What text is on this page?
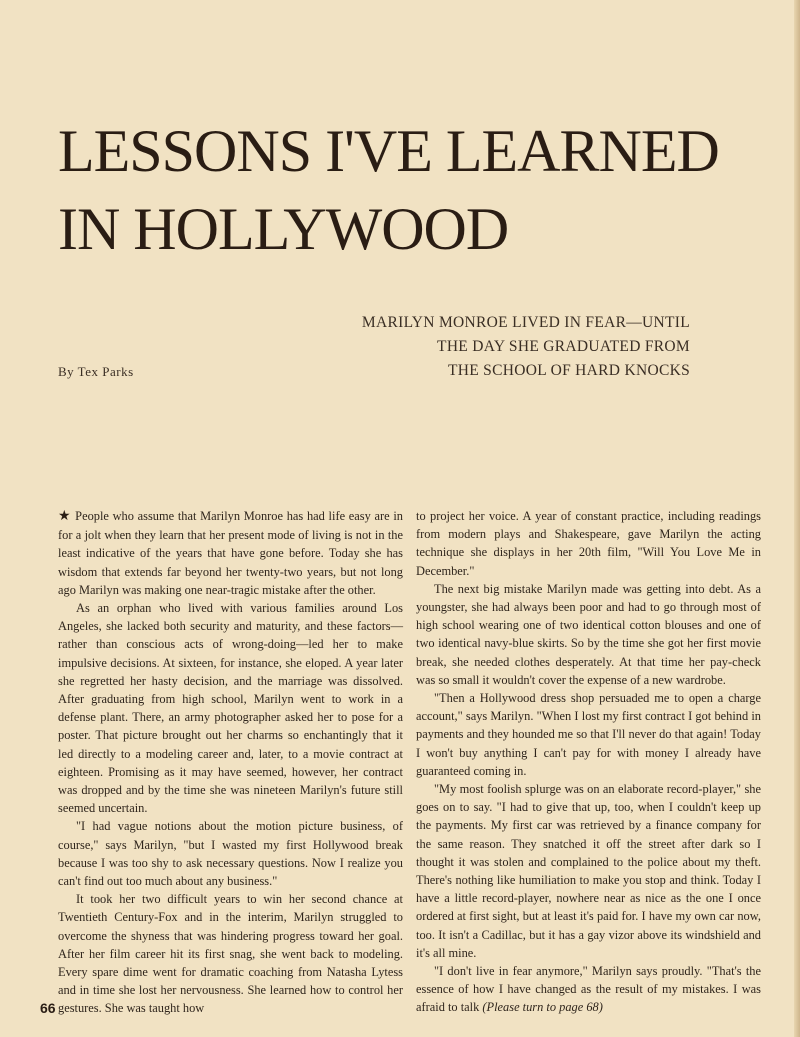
LESSONS I'VE LEARNED
IN HOLLYWOOD
MARILYN MONROE LIVED IN FEAR—UNTIL
THE DAY SHE GRADUATED FROM
THE SCHOOL OF HARD KNOCKS
By Tex Parks

★ People who assume that Marilyn Monroe has had life easy are in for a jolt when they learn that her present mode of living is not in the least indicative of the years that have gone before. Today she has wisdom that extends far beyond her twenty-two years, but not long ago Marilyn was making one near-tragic mistake after the other.

As an orphan who lived with various families around Los Angeles, she lacked both security and maturity, and these factors—rather than conscious acts of wrong-doing—led her to make impulsive decisions. At sixteen, for instance, she eloped. A year later she regretted her hasty decision, and the marriage was dissolved. After graduating from high school, Marilyn went to work in a defense plant. There, an army photographer asked her to pose for a poster. That picture brought out her charms so enchantingly that it led directly to a modeling career and, later, to a movie contract at eighteen. Promising as it may have seemed, however, her contract was dropped and by the time she was nineteen Marilyn's future still seemed uncertain.

"I had vague notions about the motion picture business, of course," says Marilyn, "but I wasted my first Hollywood break because I was too shy to ask necessary questions. Now I realize you can't find out too much about any business."

It took her two difficult years to win her second chance at Twentieth Century-Fox and in the interim, Marilyn struggled to overcome the shyness that was hindering progress toward her goal. After her film career hit its first snag, she went back to modeling. Every spare dime went for dramatic coaching from Natasha Lytess and in time she lost her nervousness. She learned how to control her gestures. She was taught how

to project her voice. A year of constant practice, including readings from modern plays and Shakespeare, gave Marilyn the acting technique she displays in her 20th film, "Will You Love Me in December."

The next big mistake Marilyn made was getting into debt. As a youngster, she had always been poor and had to go through most of high school wearing one of two identical cotton blouses and one of two identical navy-blue skirts. So by the time she got her first movie break, she needed clothes desperately. At that time her pay-check was so small it wouldn't cover the expense of a new wardrobe.

"Then a Hollywood dress shop persuaded me to open a charge account," says Marilyn. "When I lost my first contract I got behind in payments and they hounded me so that I'll never do that again! Today I won't buy anything I can't pay for with money I already have guaranteed coming in.

"My most foolish splurge was on an elaborate record-player," she goes on to say. "I had to give that up, too, when I couldn't keep up the payments. My first car was retrieved by a finance company for the same reason. They snatched it off the street after dark so I thought it was stolen and complained to the police about my theft. There's nothing like humiliation to make you stop and think. Today I have a little record-player, nowhere near as nice as the one I once ordered at first sight, but at least it's paid for. I have my own car now, too. It isn't a Cadillac, but it has a gay vizor above its windshield and it's all mine.

"I don't live in fear anymore," Marilyn says proudly. "That's the essence of how I have changed as the result of my mistakes. I was afraid to talk (Please turn to page 68)

66
